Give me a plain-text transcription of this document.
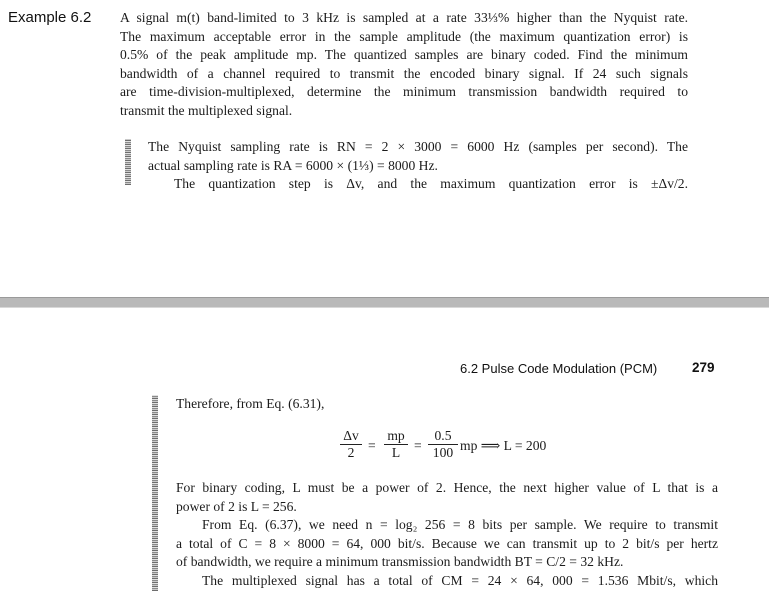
Example 6.2 A signal m(t) band-limited to 3 kHz is sampled at a rate 33⅓% higher than the Nyquist rate.
The maximum acceptable error in the sample amplitude (the maximum quantization error) is
0.5% of the peak amplitude mp. The quantized samples are binary coded. Find the minimum
bandwidth of a channel required to transmit the encoded binary signal. If 24 such signals
are time-division-multiplexed, determine the minimum transmission bandwidth required to
transmit the multiplexed signal.
The Nyquist sampling rate is RN = 2 × 3000 = 6000 Hz (samples per second). The
actual sampling rate is RA = 6000 × (1⅓) = 8000 Hz.
The quantization step is Δv, and the maximum quantization error is ±Δv/2.
6.2 Pulse Code Modulation (PCM)	279
Therefore, from Eq. (6.31),
$\frac{\Delta v}{2} = \frac{mp}{L} = \frac{0.5}{100}$ mp ⟹ L = 200
For binary coding, L must be a power of 2. Hence, the next higher value of L that is a
power of 2 is L = 256.
From Eq. (6.37), we need n = log₂ 256 = 8 bits per sample. We require to transmit
a total of C = 8 × 8000 = 64, 000 bit/s. Because we can transmit up to 2 bit/s per hertz
of bandwidth, we require a minimum transmission bandwidth BT = C/2 = 32 kHz.
The multiplexed signal has a total of CM = 24 × 64, 000 = 1.536 Mbit/s, which
